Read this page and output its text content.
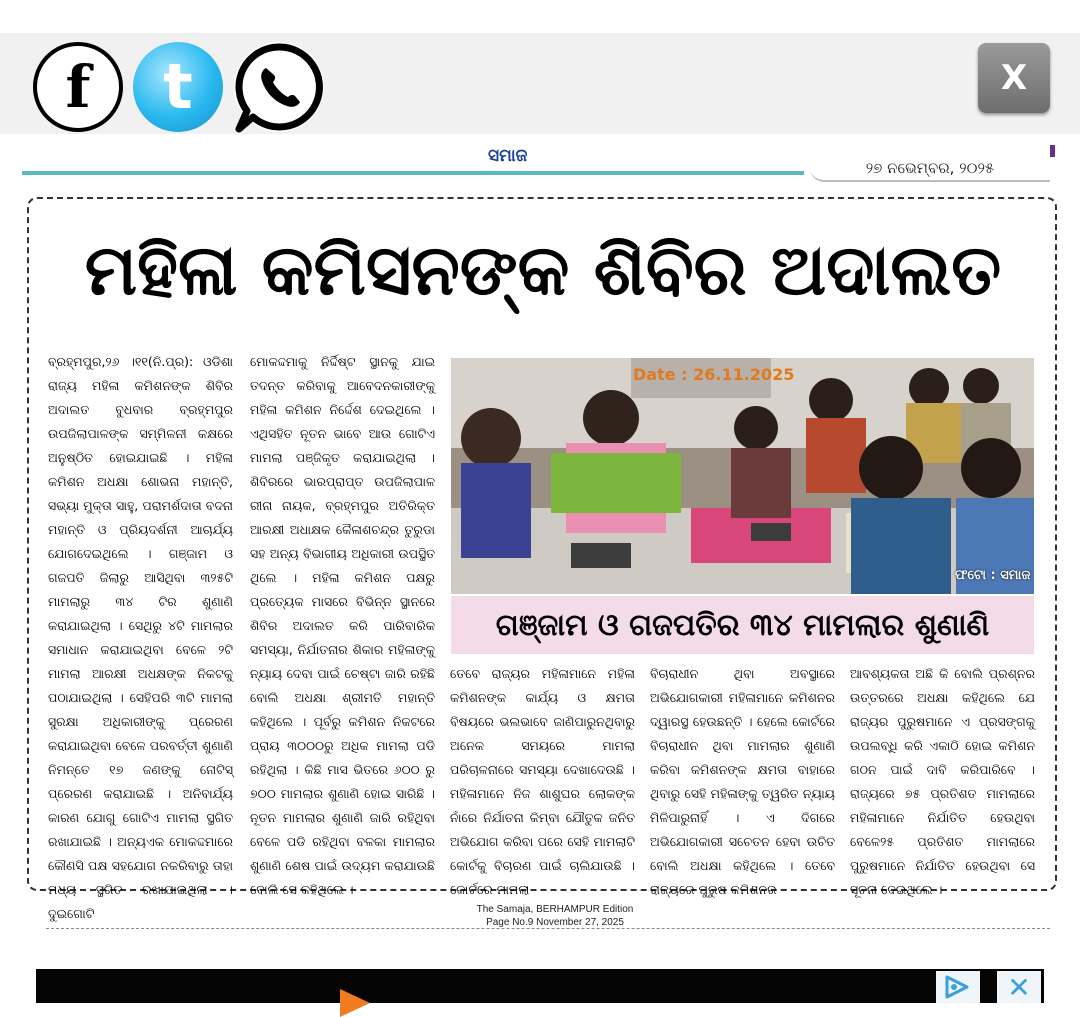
f t	X
ସମାଜ
୨୭ ନଭେମ୍ବର, ୨୦୨୫
ମହିଳା କମିସନଙ୍କ ଶିବିର ଅଦାଲତ
ବ୍ରହ୍ମପୁର,୨୬ ।୧୧(ନି.ପ୍ର): ଓଡିଶା ରାଜ୍ୟ ମହିଳା କମିଶନଙ୍କ ଶିବିର ଅଦାଲତ ବୁଧବାର ବ୍ରହ୍ମପୁର ଉପଜିଲାପାଳଙ୍କ ସମ୍ମିଳନୀ କକ୍ଷରେ ଅନୁଷ୍ଠିତ ହୋଇଯାଇଛି । ମହିଳା କମିଶନ ଅଧକ୍ଷା ଶୋଭନା ମହାନ୍ତି, ସଭ୍ୟା ମୁକ୍ତା ସାହୁ, ପରାମର୍ଶଦାତା ବଦନା ମହାନ୍ତି ଓ ପ୍ରିୟଦର୍ଶନୀ ଆଚାର୍ଯ୍ୟ ଯୋଗଦେଇଥିଲେ । ଗଞ୍ଜାମ ଓ ଗଜପତି ଜିଲାରୁ ଆସିଥିବା ୩୨୫ଟି ମାମଲାରୁ ୩୪ ଟିର ଶୁଣାଣି କରାଯାଇଥିଲା । ସେଥିରୁ ୪ଟି ମାମଲାର ସମାଧାନ କରାଯାଇଥିବା ବେଳେ ୨ଟି ମାମଲା ଆରକ୍ଷୀ ଅଧକ୍ଷଙ୍କ ନିକଟକୁ ପଠାଯାଇଥିଲା । ସେହିପରି ୩ଟି ମାମଲା ସୁରକ୍ଷା ଅଧିକାରୀଙ୍କୁ ପ୍ରେରଣ କରାଯାଇଥିବା ବେଳେ ପରବର୍ତ୍ତୀ ଶୁଣାଣି ନିମନ୍ତେ ୧୭ ଜଣଙ୍କୁ ନୋଟିସ୍ ପ୍ରେରଣ କରାଯାଇଛି । ଅନିବାର୍ଯ୍ୟ କାରଣ ଯୋଗୁ ଗୋଟିଏ ମାମଲା ସ୍ଥଗିତ ରଖାଯାଇଛି । ଅନ୍ୟଏକ ମୋକଦ୍ଦମାରେ କୌଣସି ପକ୍ଷ ସହଯୋଗ ନକରିବାରୁ ତାହା ମଧ୍ୟ ସ୍ଥଗିତ ରଖାଯାଇଥିଲା । ଦୁଇଗୋଟି
ମୋକଦ୍ଦମାକୁ ନିର୍ଦ୍ଦିଷ୍ଟ ସ୍ଥାନକୁ ଯାଇ ତଦନ୍ତ କରିବାକୁ ଆବେଦନକାରୀଙ୍କୁ ମହିଳା କମିଶନ ନିର୍ଦ୍ଦେଶ ଦେଇଥିଲେ । ଏଥିସହିତ ନୂତନ ଭାବେ ଆଉ ଗୋଟିଏ ମାମଲା ପଞ୍ଜିକୃତ କରାଯାଇଥିଲା । ଶିବିରରେ ଭାରପ୍ରାପ୍ତ ଉପଜିଲାପାଳ ରୀନା ନାୟକ, ବ୍ରହ୍ମପୁର ଅତିରିକ୍ତ ଆରକ୍ଷୀ ଅଧାକ୍ଷକ କୈଳାଶଚନ୍ଦ୍ର ତୁରୁଡା ସହ ଅନ୍ୟ ବିଭାଗୀୟ ଅଧିକାରୀ ଉପସ୍ଥିତ ଥିଲେ । ମହିଳା କମିଶନ ପକ୍ଷରୁ ପ୍ରତ୍ୟେକ ମାସରେ ବିଭିନ୍ନ ସ୍ଥାନରେ ଶିବିର ଅଦାଲତ କରି ପାରିବାରିକ ସମସ୍ୟା, ନିର୍ଯାତନାର ଶିକାର ମହିଳାଙ୍କୁ ନ୍ୟାୟ ଦେବା ପାଇଁ ଚେଷ୍ଟା ଜାରି ରହିଛି ବୋଲି ଅଧକ୍ଷା ଶ୍ରୀମତି ମହାନ୍ତି କହିଥିଲେ । ପୂର୍ବରୁ କମିଶନ ନିକଟରେ ପ୍ରାୟ ୩୦୦୦ରୁ ଅଧିକ ମାମଲା ପଡି ରହିଥିଲା । କିଛି ମାସ ଭିତରେ ୬୦୦ ରୁ ୭୦୦ ମାମଲାର ଶୁଣାଣି ହୋଇ ସାରିଛି । ନୂତନ ମାମଲାର ଶୁଣାଣି ଜାରି ରହିଥିବା ବେଳେ ପଡି ରହିଥିବା ବଳକା ମାମଲାର ଶୁଣାଣି ଶେଷ ପାଇଁ ଉଦ୍ୟମ କରାଯାଉଛି ବୋଲି ସେ କହିଥିଲେ ।
Date : 26.11.2025
ଫଟୋ : ସମାଜ
ଗଞ୍ଜାମ ଓ ଗଜପତିର ୩୪ ମାମଲାର ଶୁଣାଣି
ତେବେ ରାଜ୍ୟର ମହିଳାମାନେ ମହିଳା କମିଶନଙ୍କ କାର୍ଯ୍ୟ ଓ କ୍ଷମତା ବିଷୟରେ ଭଲଭାବେ ଜାଣିପାରୁନଥିବାରୁ ଅନେକ ସମୟରେ ମାମଲା ପରିଚାଳନାରେ ସମସ୍ୟା ଦେଖାଦେଉଛି । ମହିଳାମାନେ ନିଜ ଶାଶୁଘର ଲୋକଙ୍କ ନାଁରେ ନିର୍ଯାତନା କିମ୍ବା ଯୌତୁକ ଜନିତ ଅଭିଯୋଗ କରିବା ପରେ ସେହି ମାମଲାଟି କୋର୍ଟକୁ ବିଚାରଣ ପାଇଁ ଚାଲିଯାଉଛି । କୋର୍ଟରେ ମାମଲା
ବିଚାରାଧୀନ ଥିବା ଅବସ୍ଥାରେ ଅଭିଯୋଗକାରୀ ମହିଳାମାନେ କମିଶନର ଦ୍ୱାରସ୍ଥ ହେଉଛନ୍ତି । ହେଲେ କୋର୍ଟରେ ବିଚାରାଧୀନ ଥିବା ମାମଲାର ଶୁଣାଣି କରିବା କମିଶନଙ୍କ କ୍ଷମତା ବାହାରେ ଥିବାରୁ ସେହି ମହିଳାଙ୍କୁ ତ୍ୱରିତ ନ୍ୟାୟ ମିଳିପାରୁନାହିଁ । ଏ ଦିଗରେ ଅଭିଯୋଗକାରୀ ସଚେତନ ହେବା ଉଚିତ ବୋଲି ଅଧକ୍ଷା କହିଥିଲେ । ତେବେ ରାଜ୍ୟରେ ପୁରୁଷ କମିଶନର
ଆବଶ୍ୟକତା ଅଛି କି ବୋଲି ପ୍ରଶ୍ନର ଉତ୍ତରରେ ଅଧକ୍ଷା କହିଥିଲେ ଯେ ରାଜ୍ୟର ପୁରୁଷମାନେ ଏ ପ୍ରସଙ୍ଗକୁ ଉପଲବ୍ଧି କରି ଏକାଠି ହୋଇ କମିଶନ ଗଠନ ପାଇଁ ଦାବି କରିପାରିବେ । ରାଜ୍ୟରେ ୭୫ ପ୍ରତିଶତ ମାମଲାରେ ମହିଳାମାନେ ନିର୍ଯାତିତ ହେଉଥିବା ବେଳେ୨୫ ପ୍ରତିଶତ ମାମଲାରେ ପୁରୁଷମାନେ ନିର୍ଯାତିତ ହେଉଥିବା ସେ ସୂଚନା ଦେଇଥିଲେ ।
The Samaja, BERHAMPUR Edition
Page No.9 November 27, 2025
✕
